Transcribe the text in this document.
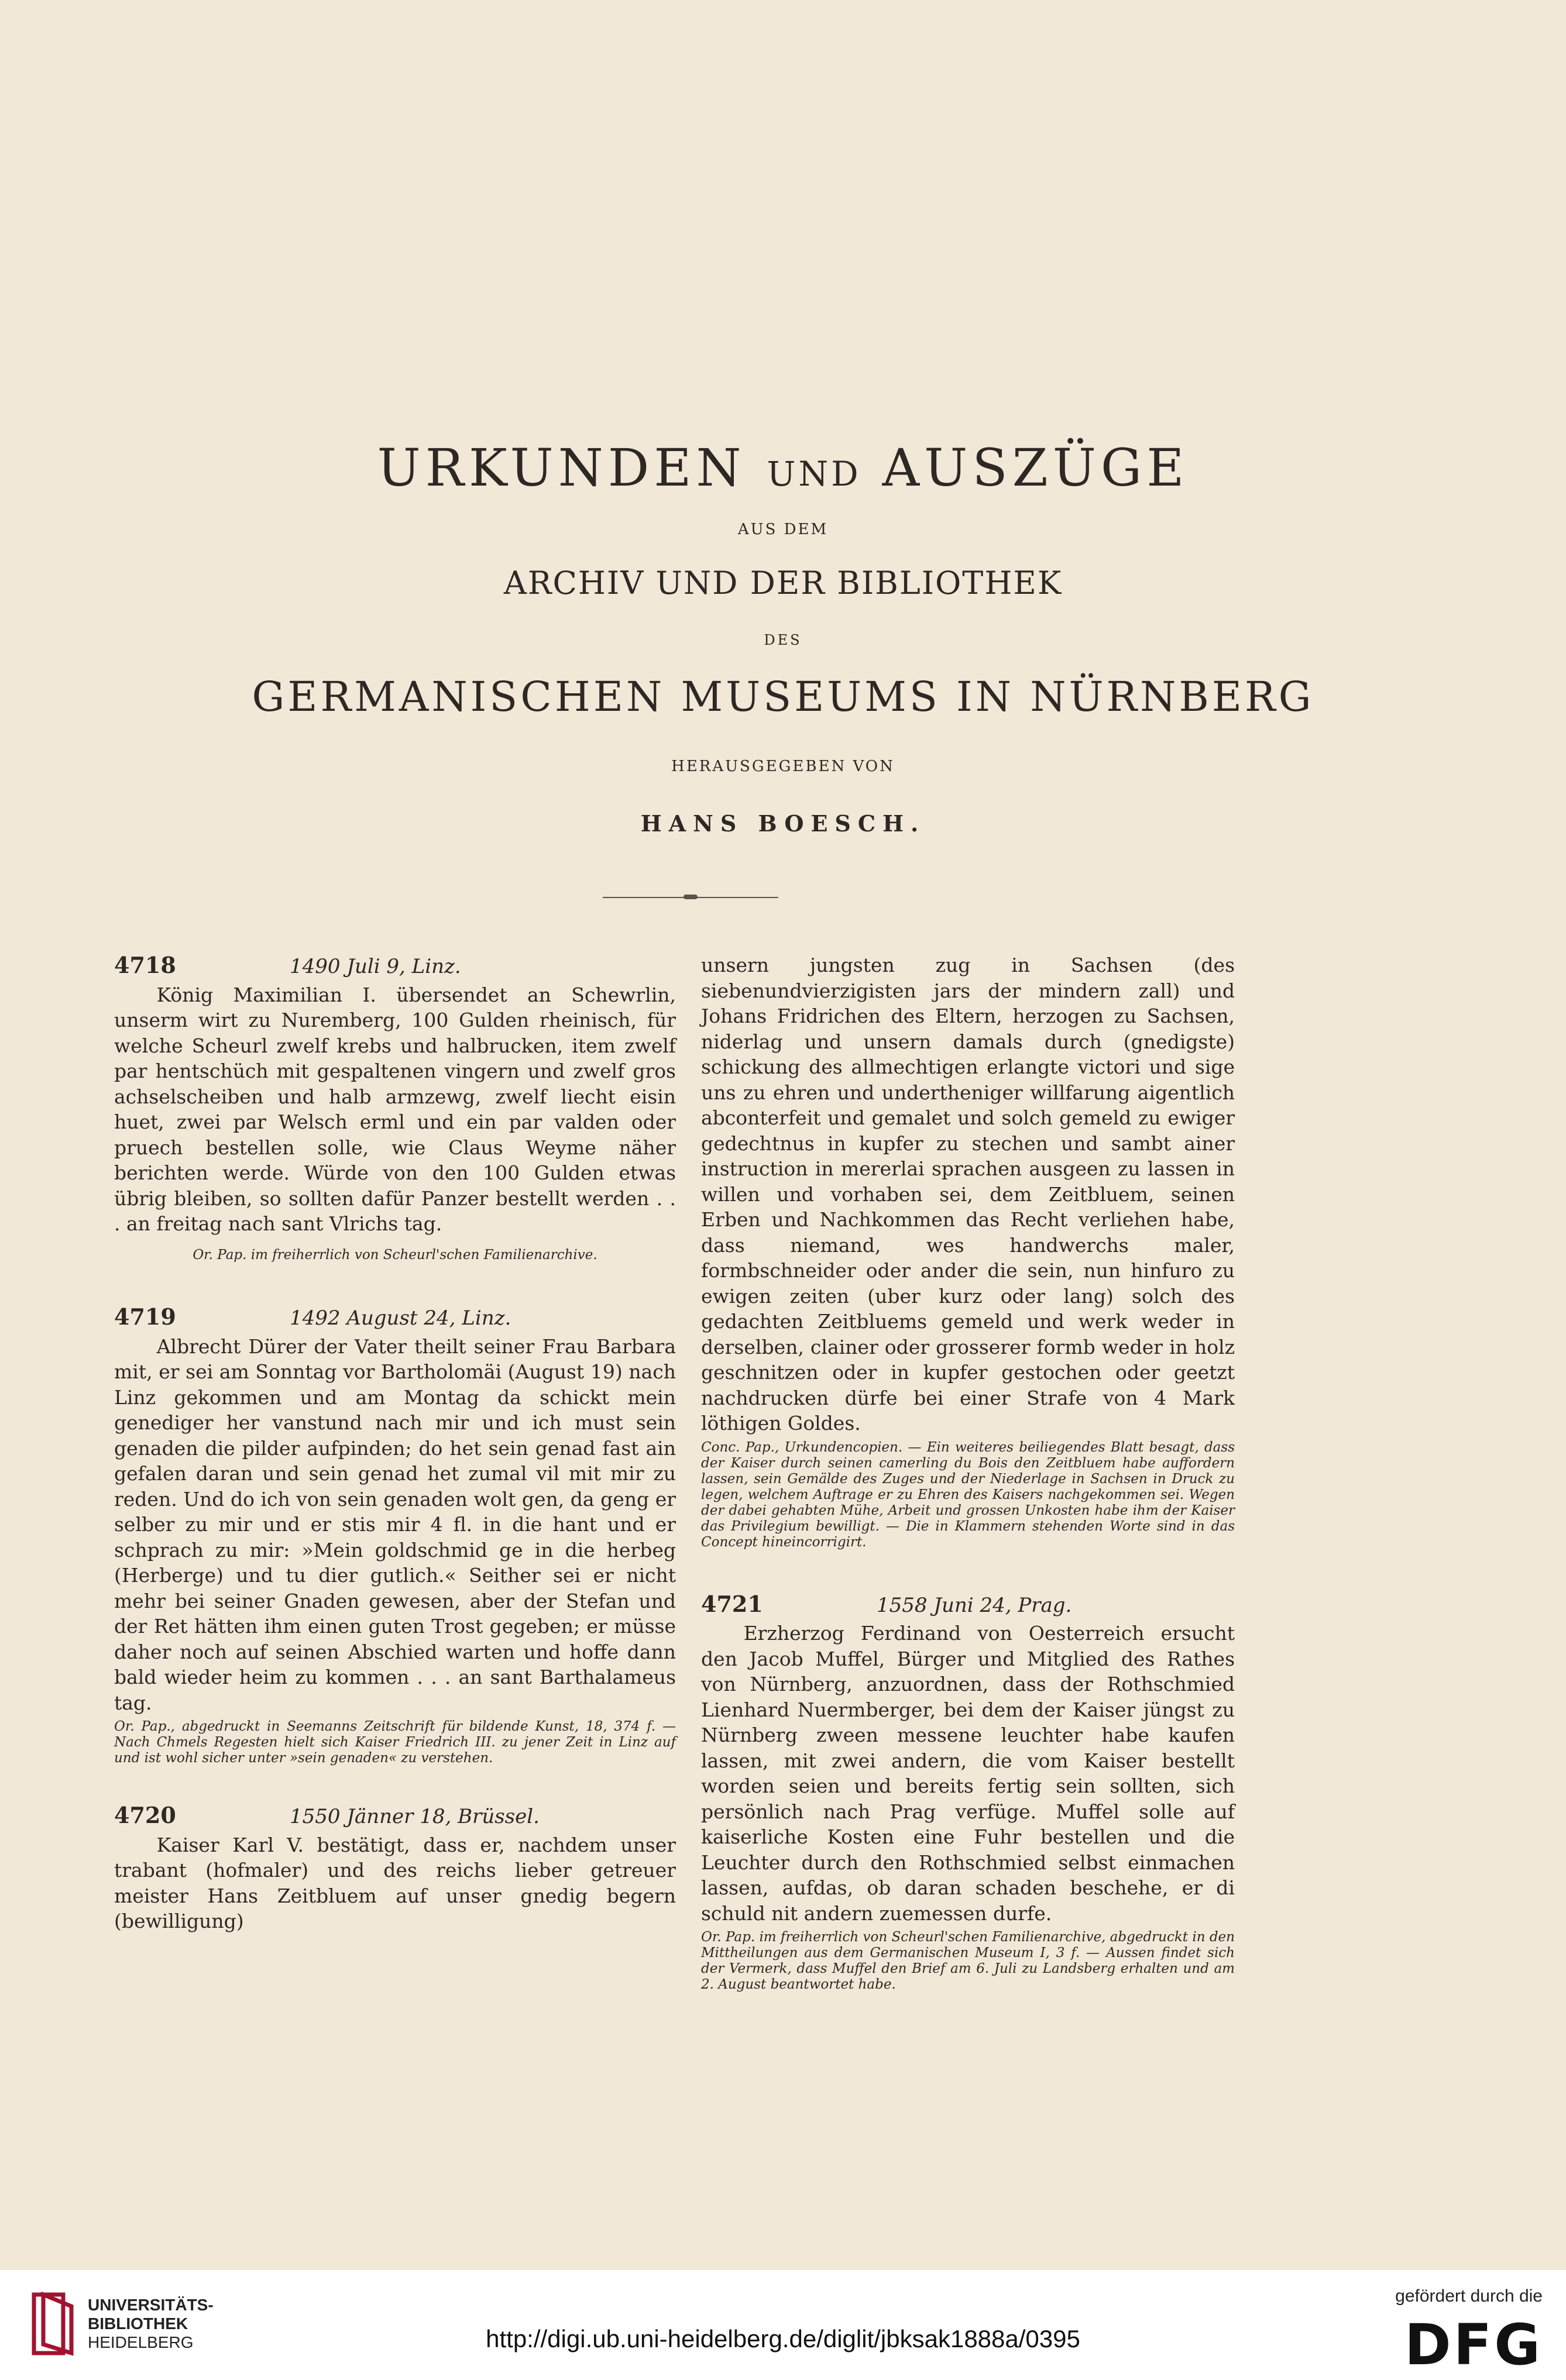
URKUNDEN UND AUSZÜGE
AUS DEM
ARCHIV UND DER BIBLIOTHEK
DES
GERMANISCHEN MUSEUMS IN NÜRNBERG
HERAUSGEGEBEN VON
HANS BOESCH.
4718	1490 Juli 9, Linz.

König Maximilian I. übersendet an Schewrlin, unserm wirt zu Nuremberg, 100 Gulden rheinisch, für welche Scheurl zwelf krebs und halbrucken, item zwelf par hentschüch mit gespaltenen vingern und zwelf gros achselscheiben und halb armzewg, zwelf liecht eisin huet, zwei par Welsch erml und ein par valden oder pruech bestellen solle, wie Claus Weyme näher berichten werde. Würde von den 100 Gulden etwas übrig bleiben, so sollten dafür Panzer bestellt werden . . . an freitag nach sant Vlrichs tag.

Or. Pap. im freiherrlich von Scheurl'schen Familienarchive.
4719	1492 August 24, Linz.

Albrecht Dürer der Vater theilt seiner Frau Barbara mit, er sei am Sonntag vor Bartholomäi (August 19) nach Linz gekommen und am Montag da schickt mein genediger her vanstund nach mir und ich must sein genaden die pilder aufpinden; do het sein genad fast ain gefalen daran und sein genad het zumal vil mit mir zu reden. Und do ich von sein genaden wolt gen, da geng er selber zu mir und er stis mir 4 fl. in die hant und er schprach zu mir: »Mein goldschmid ge in die herbeg (Herberge) und tu dier gutlich.« Seither sei er nicht mehr bei seiner Gnaden gewesen, aber der Stefan und der Ret hätten ihm einen guten Trost gegeben; er müsse daher noch auf seinen Abschied warten und hoffe dann bald wieder heim zu kommen . . . an sant Barthalameus tag.

Or. Pap., abgedruckt in Seemanns Zeitschrift für bildende Kunst, 18, 374 f. — Nach Chmels Regesten hielt sich Kaiser Friedrich III. zu jener Zeit in Linz auf und ist wohl sicher unter »sein genaden« zu verstehen.
4720	1550 Jänner 18, Brüssel.

Kaiser Karl V. bestätigt, dass er, nachdem unser trabant (hofmaler) und des reichs lieber getreuer meister Hans Zeitbluem auf unser gnedig begern (bewilligung)

unsern jungsten zug in Sachsen (des siebenundvierzigisten jars der mindern zall) und Johans Fridrichen des Eltern, herzogen zu Sachsen, niderlag und unsern damals durch (gnedigste) schickung des allmechtigen erlangte victori und sige uns zu ehren und undertheniger willfarung aigentlich abconterfeit und gemalet und solch gemeld zu ewiger gedechtnus in kupfer zu stechen und sambt ainer instruction in mererlai sprachen ausgeen zu lassen in willen und vorhaben sei, dem Zeitbluem, seinen Erben und Nachkommen das Recht verliehen habe, dass niemand, wes handwerchs maler, formbschneider oder ander die sein, nun hinfuro zu ewigen zeiten (uber kurz oder lang) solch des gedachten Zeitbluems gemeld und werk weder in derselben, clainer oder grosserer formb weder in holz geschnitzen oder in kupfer gestochen oder geetzt nachdrucken dürfe bei einer Strafe von 4 Mark löthigen Goldes.

Conc. Pap., Urkundencopien. — Ein weiteres beiliegendes Blatt besagt, dass der Kaiser durch seinen camerling du Bois den Zeitbluem habe auffordern lassen, sein Gemälde des Zuges und der Niederlage in Sachsen in Druck zu legen, welchem Auftrage er zu Ehren des Kaisers nachgekommen sei. Wegen der dabei gehabten Mühe, Arbeit und grossen Unkosten habe ihm der Kaiser das Privilegium bewilligt. — Die in Klammern stehenden Worte sind in das Concept hineincorrigirt.
4721	1558 Juni 24, Prag.

Erzherzog Ferdinand von Oesterreich ersucht den Jacob Muffel, Bürger und Mitglied des Rathes von Nürnberg, anzuordnen, dass der Rothschmied Lienhard Nuermberger, bei dem der Kaiser jüngst zu Nürnberg zween messene leuchter habe kaufen lassen, mit zwei andern, die vom Kaiser bestellt worden seien und bereits fertig sein sollten, sich persönlich nach Prag verfüge. Muffel solle auf kaiserliche Kosten eine Fuhr bestellen und die Leuchter durch den Rothschmied selbst einmachen lassen, aufdas, ob daran schaden beschehe, er di schuld nit andern zuemessen durfe.

Or. Pap. im freiherrlich von Scheurl'schen Familienarchive, abgedruckt in den Mittheilungen aus dem Germanischen Museum I, 3 f. — Aussen findet sich der Vermerk, dass Muffel den Brief am 6. Juli zu Landsberg erhalten und am 2. August beantwortet habe.
UNIVERSITÄTS-
BIBLIOTHEK
HEIDELBERG	http://digi.ub.uni-heidelberg.de/diglit/jbksak1888a/0395
gefördert durch die
DFG
